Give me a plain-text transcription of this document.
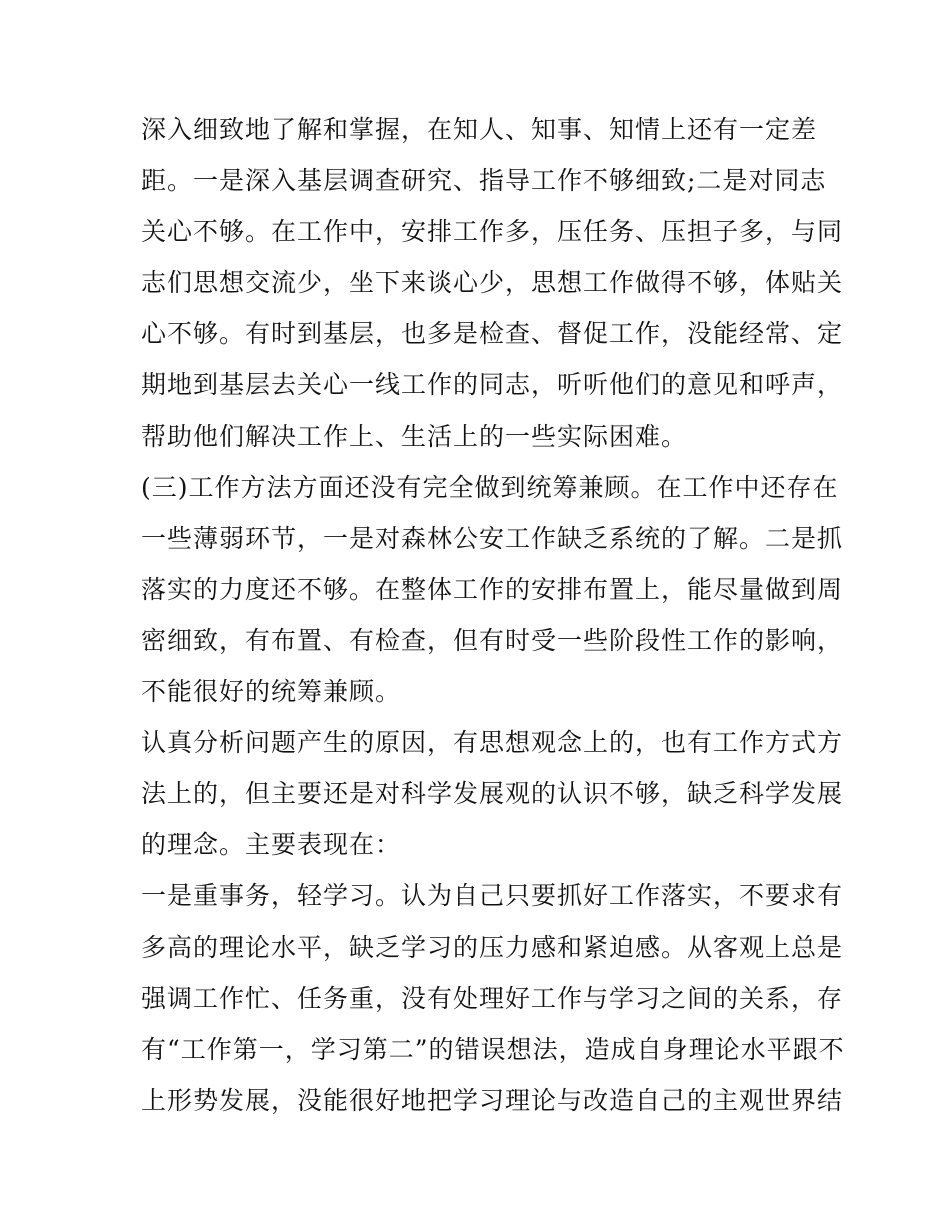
深入细致地了解和掌握，在知人、知事、知情上还有一定差
距。一是深入基层调查研究、指导工作不够细致;二是对同志
关心不够。在工作中，安排工作多，压任务、压担子多，与同
志们思想交流少，坐下来谈心少，思想工作做得不够，体贴关
心不够。有时到基层，也多是检查、督促工作，没能经常、定
期地到基层去关心一线工作的同志，听听他们的意见和呼声，
帮助他们解决工作上、生活上的一些实际困难。
(三)工作方法方面还没有完全做到统筹兼顾。在工作中还存在
一些薄弱环节，一是对森林公安工作缺乏系统的了解。二是抓
落实的力度还不够。在整体工作的安排布置上，能尽量做到周
密细致，有布置、有检查，但有时受一些阶段性工作的影响，
不能很好的统筹兼顾。
认真分析问题产生的原因，有思想观念上的，也有工作方式方
法上的，但主要还是对科学发展观的认识不够，缺乏科学发展
的理念。主要表现在：
一是重事务，轻学习。认为自己只要抓好工作落实，不要求有
多高的理论水平，缺乏学习的压力感和紧迫感。从客观上总是
强调工作忙、任务重，没有处理好工作与学习之间的关系，存
有“工作第一，学习第二”的错误想法，造成自身理论水平跟不
上形势发展，没能很好地把学习理论与改造自己的主观世界结
